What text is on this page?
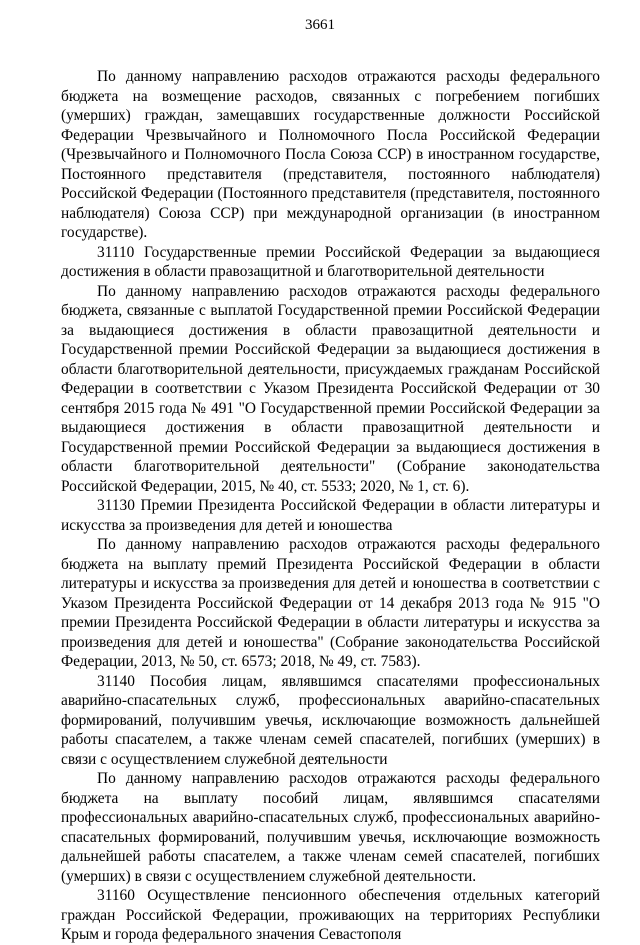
3661

По данному направлению расходов отражаются расходы федерального бюджета на возмещение расходов, связанных с погребением погибших (умерших) граждан, замещавших государственные должности Российской Федерации Чрезвычайного и Полномочного Посла Российской Федерации (Чрезвычайного и Полномочного Посла Союза ССР) в иностранном государстве, Постоянного представителя (представителя, постоянного наблюдателя) Российской Федерации (Постоянного представителя (представителя, постоянного наблюдателя) Союза ССР) при международной организации (в иностранном государстве).

31110 Государственные премии Российской Федерации за выдающиеся достижения в области правозащитной и благотворительной деятельности

По данному направлению расходов отражаются расходы федерального бюджета, связанные с выплатой Государственной премии Российской Федерации за выдающиеся достижения в области правозащитной деятельности и Государственной премии Российской Федерации за выдающиеся достижения в области благотворительной деятельности, присуждаемых гражданам Российской Федерации в соответствии с Указом Президента Российской Федерации от 30 сентября 2015 года № 491 "О Государственной премии Российской Федерации за выдающиеся достижения в области правозащитной деятельности и Государственной премии Российской Федерации за выдающиеся достижения в области благотворительной деятельности" (Собрание законодательства Российской Федерации, 2015, № 40, ст. 5533; 2020, № 1, ст. 6).

31130 Премии Президента Российской Федерации в области литературы и искусства за произведения для детей и юношества

По данному направлению расходов отражаются расходы федерального бюджета на выплату премий Президента Российской Федерации в области литературы и искусства за произведения для детей и юношества в соответствии с Указом Президента Российской Федерации от 14 декабря 2013 года № 915 "О премии Президента Российской Федерации в области литературы и искусства за произведения для детей и юношества" (Собрание законодательства Российской Федерации, 2013, № 50, ст. 6573; 2018, № 49, ст. 7583).

31140 Пособия лицам, являвшимся спасателями профессиональных аварийно-спасательных служб, профессиональных аварийно-спасательных формирований, получившим увечья, исключающие возможность дальнейшей работы спасателем, а также членам семей спасателей, погибших (умерших) в связи с осуществлением служебной деятельности

По данному направлению расходов отражаются расходы федерального бюджета на выплату пособий лицам, являвшимся спасателями профессиональных аварийно-спасательных служб, профессиональных аварийно-спасательных формирований, получившим увечья, исключающие возможность дальнейшей работы спасателем, а также членам семей спасателей, погибших (умерших) в связи с осуществлением служебной деятельности.

31160 Осуществление пенсионного обеспечения отдельных категорий граждан Российской Федерации, проживающих на территориях Республики Крым и города федерального значения Севастополя
